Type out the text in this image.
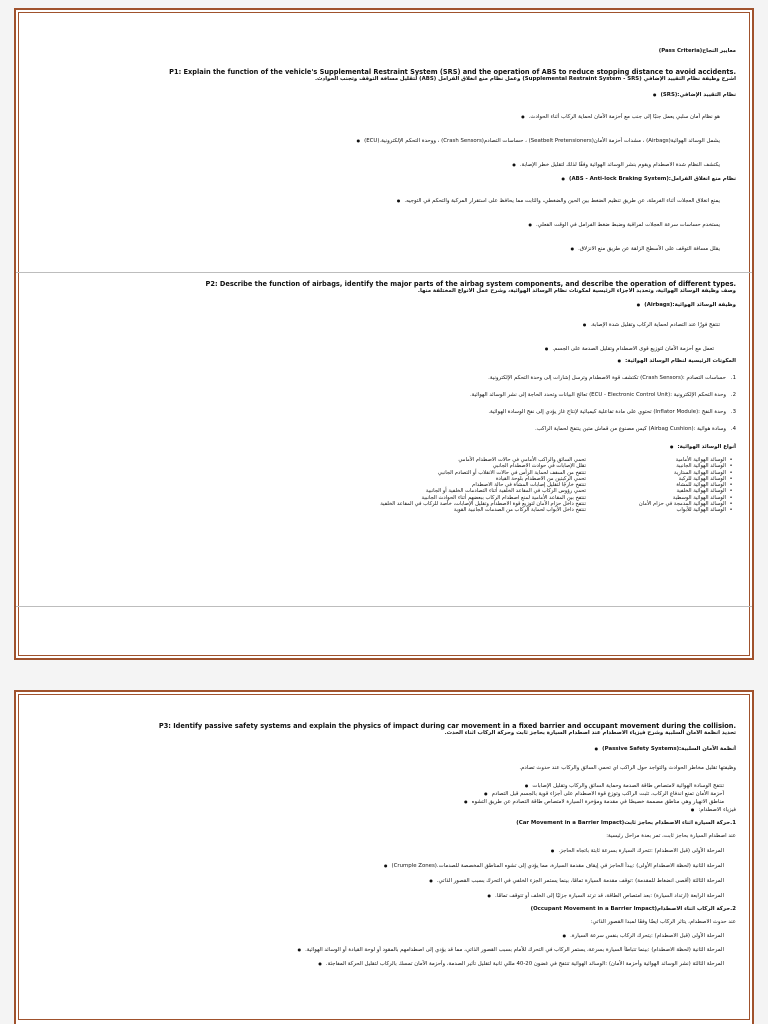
معايير النجاح(Pass Criteria)
P1: Explain the function of the vehicle's Supplemental Restraint System (SRS) and the operation of ABS to reduce stopping distance to avoid accidents.
اشرح وظيفة نظام التقييد الإضافي (Supplemental Restraint System - SRS) وعمل نظام منع انغلاق الفرامل (ABS) لتقليل مسافة التوقف وتجنب الحوادث.
نظام التقييد الإضافي:(SRS) ●
هو نظام أمان سلبي يعمل جنبًا إلى جنب مع أحزمة الأمان لحماية الركاب أثناء الحوادث. ●
يشمل الوسائد الهوائية(Airbags) ، مشدات أحزمة الأمان(Seatbelt Pretensioners) ، حساسات التصادم(Crash Sensors) ، ووحدة التحكم الإلكترونية.(ECU) ●
يكتشف النظام شدة الاصطدام ويقوم بنشر الوسائد الهوائية وفقًا لذلك لتقليل خطر الإصابة. ●
نظام منع انغلاق الفرامل:(ABS - Anti-lock Braking System) ●
يمنع انغلاق العجلات أثناء الفرملة، عن طريق تنظيم الضغط بين الحين والضغطي، والثابت مما يحافظ على استقرار المركبة والتحكم في التوجيه. ●
يستخدم حساسات سرعة العجلات لمراقبة وضبط ضغط الفرامل في الوقت الفعلي. ●
يقلل مسافة التوقف على الأسطح الزلقة عن طريق منع الانزلاق. ●
P2: Describe the function of airbags, identify the major parts of the airbag system components, and describe the operation of different types.
وصف وظيفة الوسائد الهوائية، وتحديد الأجزاء الرئيسية لمكونات نظام الوسائد الهوائية، وشرح عمل الأنواع المختلفة منها.
وظيفة الوسائد الهوائية:(Airbags) ●
تنتفخ فورًا عند التصادم لحماية الركاب وتقليل شدة الإصابة. ●
تعمل مع أحزمة الأمان لتوزيع قوى الاصطدام وتقليل الصدمة على الجسم. ●
المكونات الرئيسية لنظام الوسائد الهوائية: ●
1.حساسات التصادم :(Crash Sensors) تكتشف قوة الاصطدام وترسل إشارات إلى وحدة التحكم الإلكترونية.
2.وحدة التحكم الإلكترونية :(ECU - Electronic Control Unit) تعالج البيانات وتحدد الحاجة إلى نشر الوسائد الهوائية.
3.وحدة النفخ :(Inflator Module) تحتوي على مادة تفاعلية كيميائية لإنتاج غاز يؤدي إلى نفخ الوسادة الهوائية.
4.وسادة هوائية :(Airbag Cushion) كيس مصنوع من قماش متين ينتفخ لحماية الراكب.
أنواع الوسائد الهوائية: ●
•
الوسائد الهوائية الأمامية
تحمي السائق والراكب الأمامي في حالات الاصطدام الأمامي
•
الوسائد الهوائية الجانبية
تقلل الإصابات في حوادث الاصطدام الجانبي
•
الوسائد الهوائية الستارية
تنتفخ من السقف لحماية الرأس في حالات الانقلاب أو التصادم الجانبي
•
الوسائد الهوائية للركبة
تحمي الركبتين من الاصطدام بلوحة القيادة
•
الوسائد الهوائية للمشاة
تنتفخ خارجًا لتقليل إصابات المشاة في حالة الاصطدام
•
الوسائد الهوائية الخلفية
تحمي رؤوس الركاب في المقاعد الخلفية أثناء التصادمات الخلفية أو الجانبية
•
الوسائد الهوائية الوسطية
تنتفخ بين المقاعد الأمامية لمنع اصطدام الركاب ببعضهم أثناء الحوادث الجانبية
•
الوسائد الهوائية المدمجة في حزام الأمان
تنتفخ داخل حزام الأمان لتوزيع قوة الاصطدام وتقليل الإصابات، خاصة للركاب في المقاعد الخلفية
•
الوسائد الهوائية للأبواب
تنتفخ داخل الأبواب لحماية الركاب من الصدمات الجانبية القوية
P3: Identify passive safety systems and explain the physics of impact during car movement in a fixed barrier and occupant movement during the collision.
تحديد أنظمة الأمان السلبية وشرح فيزياء الاصطدام عند اصطدام السيارة بحاجز ثابت وحركة الركاب أثناء الحدث.
أنظمة الأمان السلبية:(Passive Safety Systems) ●
وظيفتها تقليل مخاطر الحوادث والتواجد حول الراكب أي تحمي السائق والركاب عند حدوث تصادم.
تنتفخ الوسادة الهوائية لامتصاص طاقة الصدمة وحماية السائق والركاب وتقليل الإصابات ●
أحزمة الأمان تمنع اندفاع الركاب، تثبت الراكب وتوزع قوة الاصطدام على أجزاء قوية بالجسم قبل التصادم ●
مناطق الانهيار وهي مناطق مصممة خصيصًا في مقدمة ومؤخرة السيارة لامتصاص طاقة التصادم عن طريق التشوه ●
فيزياء الاصطدام: ●
1.حركة السيارة أثناء الاصطدام بحاجز ثابت(Car Movement in a Barrier Impact)
عند اصطدام السيارة بحاجز ثابت، تمر بعدة مراحل رئيسية:
المرحلة الأولى (قبل الاصطدام) :تتحرك السيارة بسرعة ثابتة باتجاه الحاجز. ●
المرحلة الثانية (لحظة الاصطدام الأولى) :يبدأ الحاجز في إيقاف مقدمة السيارة، مما يؤدي إلى تشوه المناطق المخصصة للصدمات.(Crumple Zones) ●
المرحلة الثالثة (أقصى انضغاط للمقدمة) :توقف مقدمة السيارة تمامًا، بينما يستمر الجزء الخلفي في التحرك بسبب القصور الذاتي. ●
المرحلة الرابعة (ارتداد السيارة) :بعد امتصاص الطاقة، قد ترتد السيارة جزئيًا إلى الخلف أو تتوقف تمامًا. ●
2.حركة الركاب أثناء الاصطدام(Occupant Movement in a Barrier Impact)
عند حدوث الاصطدام، يتأثر الركاب أيضًا وفقًا لمبدأ القصور الذاتي:
المرحلة الأولى (قبل الاصطدام) :يتحرك الركاب بنفس سرعة السيارة. ●
المرحلة الثانية (لحظة الاصطدام) :بينما تتباطأ السيارة بسرعة، يستمر الركاب في التحرك للأمام بسبب القصور الذاتي، مما قد يؤدي إلى اصطدامهم بالمقود أو لوحة القيادة أو الوسائد الهوائية. ●
المرحلة الثالثة (نشر الوسائد الهوائية وأحزمة الأمان) :الوسائد الهوائية تنتفخ في غضون 20-40 مللي ثانية لتقليل تأثير الصدمة، وأحزمة الأمان تمسك بالركاب لتقليل الحركة المفاجئة. ●
